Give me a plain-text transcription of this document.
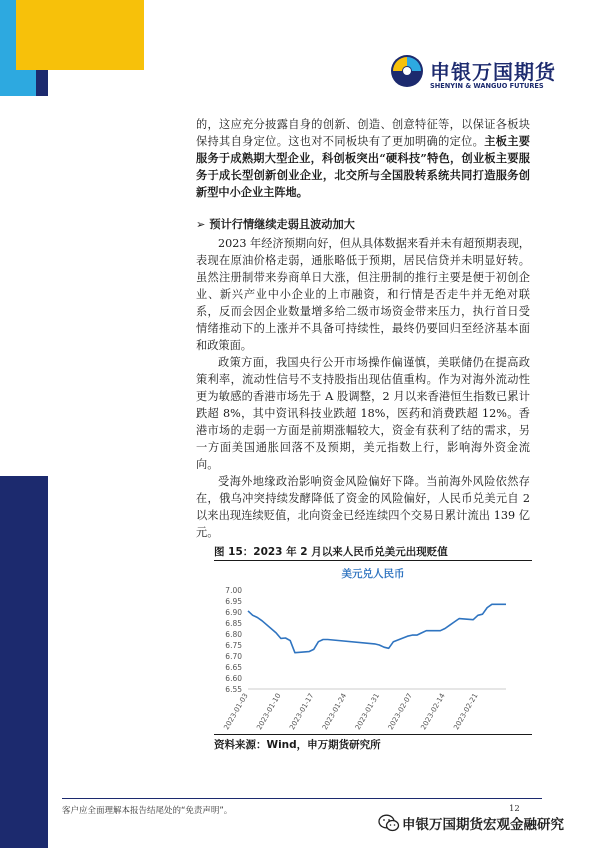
申银万国期货
SHENYIN & WANGUO FUTURES

的，这应充分披露自身的创新、创造、创意特征等，以保证各板块保持其自身定位。这也对不同板块有了更加明确的定位。主板主要服务于成熟期大型企业，科创板突出“硬科技”特色，创业板主要服务于成长型创新创业企业，北交所与全国股转系统共同打造服务创新型中小企业主阵地。

➢ 预计行情继续走弱且波动加大

2023 年经济预期向好，但从具体数据来看并未有超预期表现，表现在原油价格走弱，通胀略低于预期，居民信贷并未明显好转。虽然注册制带来券商单日大涨，但注册制的推行主要是便于初创企业、新兴产业中小企业的上市融资，和行情是否走牛并无绝对联系，反而会因企业数量增多给二级市场资金带来压力，执行首日受情绪推动下的上涨并不具备可持续性，最终仍要回归至经济基本面和政策面。

政策方面，我国央行公开市场操作偏谨慎，美联储仍在提高政策利率，流动性信号不支持股指出现估值重构。作为对海外流动性更为敏感的香港市场先于 A 股调整，2 月以来香港恒生指数已累计跌超 8%，其中资讯科技业跌超 18%，医药和消费跌超 12%。香港市场的走弱一方面是前期涨幅较大，资金有获利了结的需求，另一方面美国通胀回落不及预期，美元指数上行，影响海外资金流向。

受海外地缘政治影响资金风险偏好下降。当前海外风险依然存在，俄乌冲突持续发酵降低了资金的风险偏好，人民币兑美元自 2 以来出现连续贬值，北向资金已经连续四个交易日累计流出 139 亿元。

图 15：2023 年 2 月以来人民币兑美元出现贬值
美元兑人民币
7.00
6.95
6.90
6.85
6.80
6.75
6.70
6.65
6.60
6.55
2023-01-03 2023-01-10 2023-01-17 2023-01-24 2023-01-31 2023-02-07 2023-02-14 2023-02-21
资料来源：Wind，申万期货研究所
客户应全面理解本报告结尾处的“免责声明”。	12
申银万国期货宏观金融研究
